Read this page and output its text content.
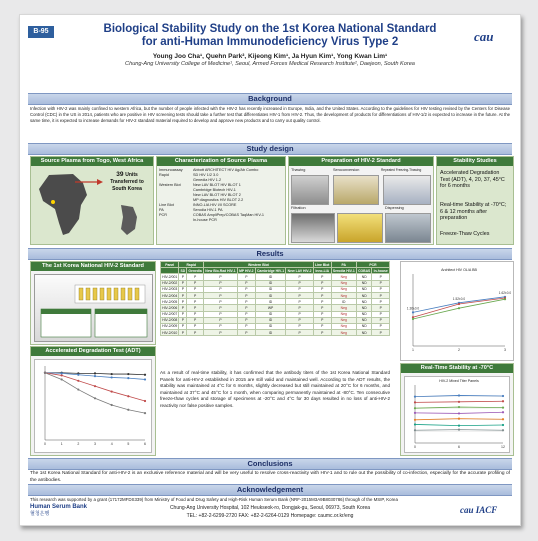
B-95	Biological Stability Study on the 1st Korea National Standard
for anti-Human Immunodeficiency Virus Type 2	cau
Young Joo Cha¹, Quehn Park², Kijeong Kim¹, Ja Hyun Kim¹, Yong Kwan Lim¹
Chung-Ang University College of Medicine¹, Seoul, Armed Forces Medical Research Institute², Daejeon, South Korea
Background
Infection with HIV-2 was mainly confined to western Africa, but the number of people infected with the HIV-2 has recently increased in Europe, India, and the United States. According to the guidelines for HIV testing revised by the Centers for Disease Control (CDC) in the US in 2014, patients who are positive in HIV screening tests should take a further test that differentiates HIV-1 from HIV-2. Thus, the development of products for differentiations of HIV-1/2 is expected to increase in the future. At the same time, it is expected to increase demands for HIV-2 standard material required to develop and approve new products and to carry out quality control.
Study design
Source Plasma from Togo, West Africa
39 Units Transferred to South Korea
Characterization of Source Plasma
Immunoassay	Abbott ARCHITECT HIV Ag/Ab Combo
Rapid	SD HIV 1/2 3.0
Genedia HIV 1.2
Western Blot	New LAV BLOT HIV BLOT 1
Cambridge Biotech HIV-1
New LAV BLOT HIV BLOT 2
MP diagnostics HIV BLOT 2.2
Line Blot	INNO-LIA HIV I/II SCORE
PA	Serodia HIV-1 PA
PCR	COBAS AmpliPrep/COBAS TaqMan HIV-1
In-house PCR
Preparation of HIV-2 Standard
Thawing	Seroconversion	Repeated Freezing-Thawing
Filtration	Dispensing
Stability Studies
Accelerated Degradation Test (ADT), 4, 20, 37, 45°C for 6 months
Real-time Stability at -70°C; 6 & 12 months after preparation
Freeze-Thaw Cycles
Results
The 1st Korea National HIV-2 Standard
Accelerated Degradation Test (ADT)
0	1	2	3	4	5	6
Panel	Rapid		Western Blot				Line Blot	PA	PCR	
	SD	Genedia	New Bio-Rad HIV-1	MP HIV-2	Cambridge HIV-1	New LAV HIV-2	Inno-LIA	Serodia HIV-1	COBAS	In-house
HIV-2/001	P	P	P	P	ID	P	P	Neg	ND	P
HIV-2/002	P	P	P	P	ID	P	P	Neg	ND	P
HIV-2/003	P	P	P	P	ID	P	P	Neg	ND	P
HIV-2/004	P	P	P	P	ID	P	P	Neg	ND	P
HIV-2/005	P	P	P	P	ID	P	P	ID	ND	P
HIV-2/006	P	P	P	P	WP	P	P	Neg	ND	P
HIV-2/007	P	P	P	P	ID	P	P	Neg	ND	P
HIV-2/008	P	P	P	P	ID	P	P	Neg	ND	P
HIV-2/009	P	P	P	P	ID	P	P	Neg	ND	P
HIV-2/010	P	P	P	P	ID	P	P	Neg	ND	P
1	2	3
Architect HIV OL/A BB
1.36±0.0
1.52±0.0
1.62±0.0
As a result of real-time stability, it has confirmed that the antibody titers of the 1st Korea National Standard Panels for anti-HIV-2 established in 2015 are still valid and maintained well. According to the ADT results, the stability was maintained at 4°C for 6 months, slightly decreased but still maintained at 20°C for 6 months, and maintained at 37°C and 45°C for 1 month, when comparing permanently maintained at -80°C. Ten consecutive freeze-thaw cycles and storage of specimens at -20°C and 4°C for 30 days resulted in no loss of anti-HIV-2 reactivity nor false positive samples.
Real-Time Stability at -70°C
0	6	12
HIV-2 Mixed Titer Panels
Conclusions
The 1st Korea National Standard for anti-HIV-2 is an exclusive reference material and will be very useful to resolve cross-reactivity with HIV-1 and to rule out the possibility of co-infection, especially for the accurate profiling of the antibodies.
Acknowledgement
This research was supported by a grant (17172MFDS339) from Ministry of Food and Drug Safety and High-Risk Human Serum Bank (NRF-2015M3A9B8030786) through of the MSIP, Korea
Human Serum Bank
혈청은행
Chung-Ang University Hospital, 102 Heukseok-ro, Dongjak-gu, Seoul, 06973, South Korea
TEL: +82-2-6299-2720 FAX: +82-2-6264-0129 Homepage: caumc.or.kr/eng
cau IACF
